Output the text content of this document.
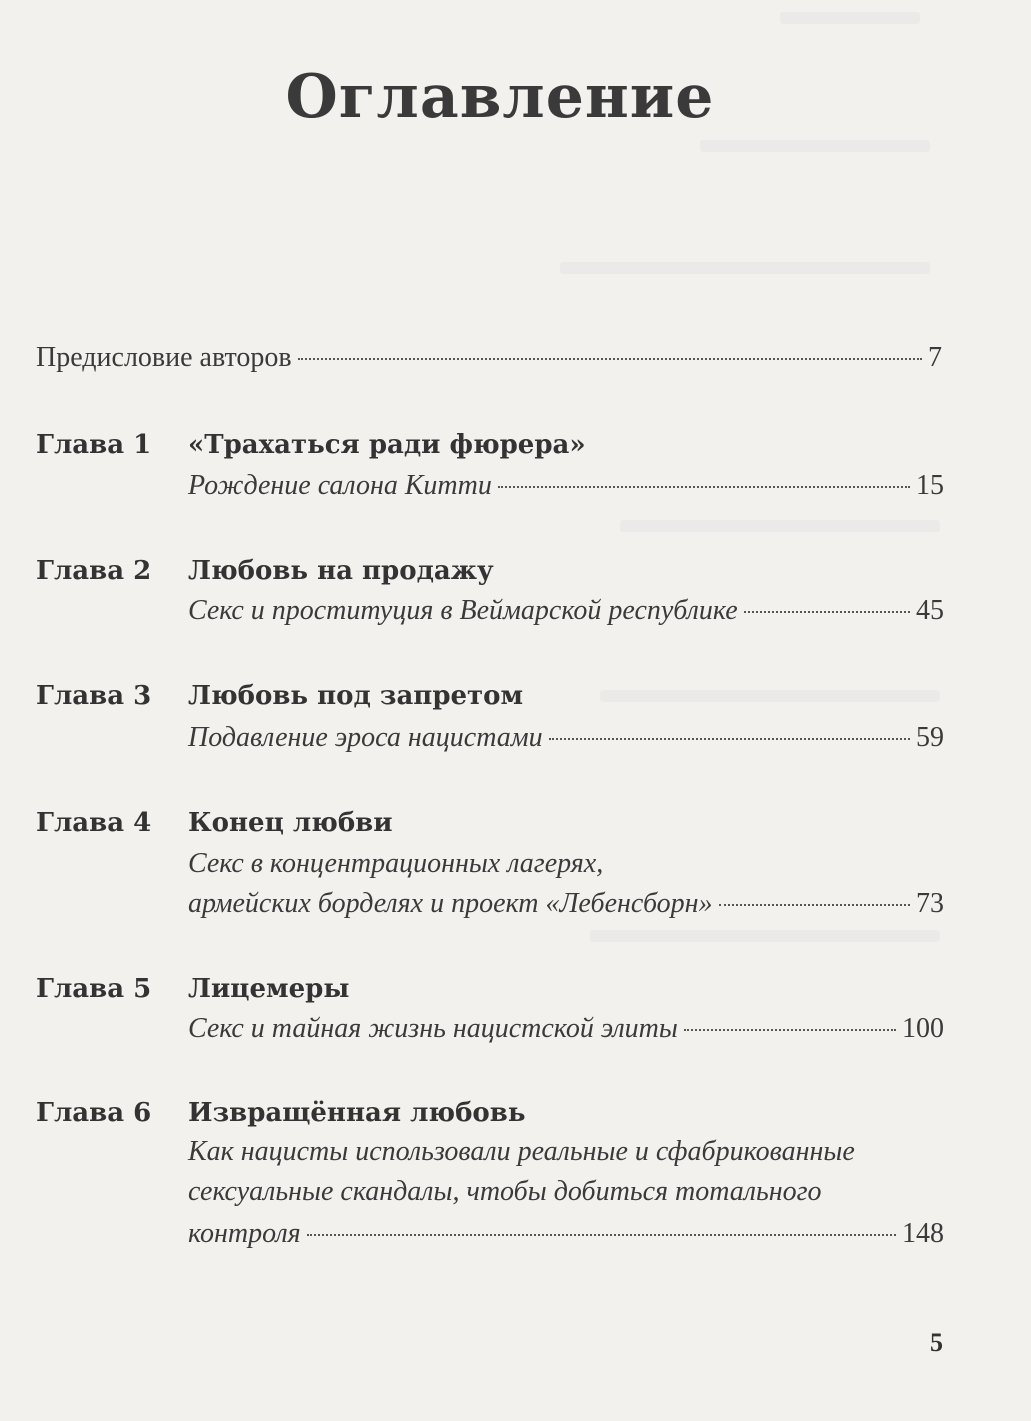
Оглавление
Предисловие авторов	7
Глава 1 «Трахаться ради фюрера»
Рождение салона Китти	15
Глава 2 Любовь на продажу
Секс и проституция в Веймарской республике	45
Глава 3 Любовь под запретом
Подавление эроса нацистами	59
Глава 4 Конец любви
Секс в концентрационных лагерях,
армейских борделях и проект «Лебенсборн»	73
Глава 5 Лицемеры
Секс и тайная жизнь нацистской элиты	100
Глава 6 Извращённая любовь
Как нацисты использовали реальные и сфабрикованные
сексуальные скандалы, чтобы добиться тотального
контроля	148
5
